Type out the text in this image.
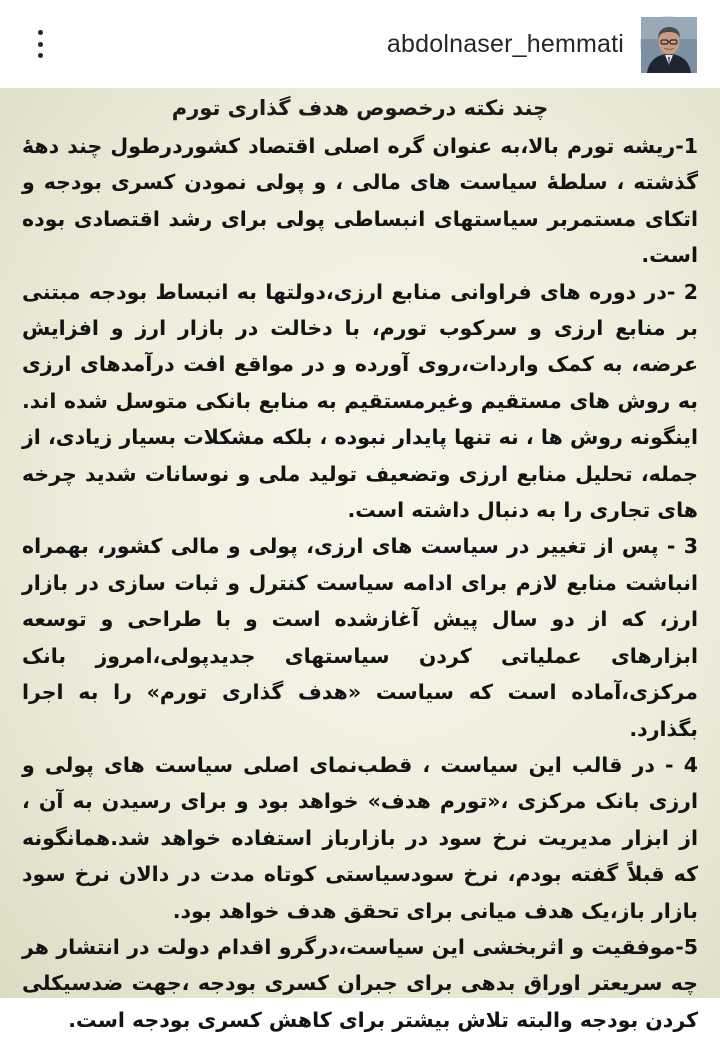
abdolnaser_hemmati
چند نکته درخصوص هدف گذاری تورم

1-ریشه تورم بالا،به عنوان گره اصلی اقتصاد کشوردرطول چند دههٔ گذشته ، سلطهٔ سیاست های مالی ، و پولی نمودن کسری بودجه و اتکای مستمربر سیاستهای انبساطی پولی برای رشد اقتصادی بوده است.

2 -در دوره های فراوانی منابع ارزی،دولتها به انبساط بودجه مبتنی بر منابع ارزی و سرکوب تورم، با دخالت در بازار ارز و افزایش عرضه، به کمک واردات،روی آورده و در مواقع افت درآمدهای ارزی به روش های مستقیم وغیرمستقیم به منابع بانکی متوسل شده اند. اینگونه روش ها ، نه تنها پایدار نبوده ، بلکه مشکلات بسیار زیادی، از جمله، تحلیل منابع ارزی وتضعیف تولید ملی و نوسانات شدید چرخه های تجاری را به دنبال داشته است.

3 - پس از تغییر در سیاست های ارزی، پولی و مالی کشور، بهمراه انباشت منابع لازم برای ادامه سیاست کنترل و ثبات سازی در بازار ارز، که از دو سال پیش آغازشده است و با طراحی و توسعه ابزارهای عملیاتی کردن سیاستهای جدیدپولی،امروز بانک مرکزی،آماده است که سیاست «هدف گذاری تورم» را به اجرا بگذارد.

4 - در قالب این سیاست ، قطب‌نمای اصلی سیاست های پولی و ارزی بانک مرکزی ،«تورم هدف» خواهد بود و برای رسیدن به آن ، از ابزار مدیریت نرخ سود در بازارباز استفاده خواهد شد.همانگونه که قبلاً گفته بودم، نرخ سودسیاستی کوتاه مدت در دالان نرخ سود بازار باز،یک هدف میانی برای تحقق هدف خواهد بود.

5-موفقیت و اثربخشی این سیاست،درگرو اقدام دولت در انتشار هر چه سریعتر اوراق بدهی برای جبران کسری بودجه ،جهت ضدسیکلی کردن بودجه والبته تلاش بیشتر برای کاهش کسری بودجه است.
